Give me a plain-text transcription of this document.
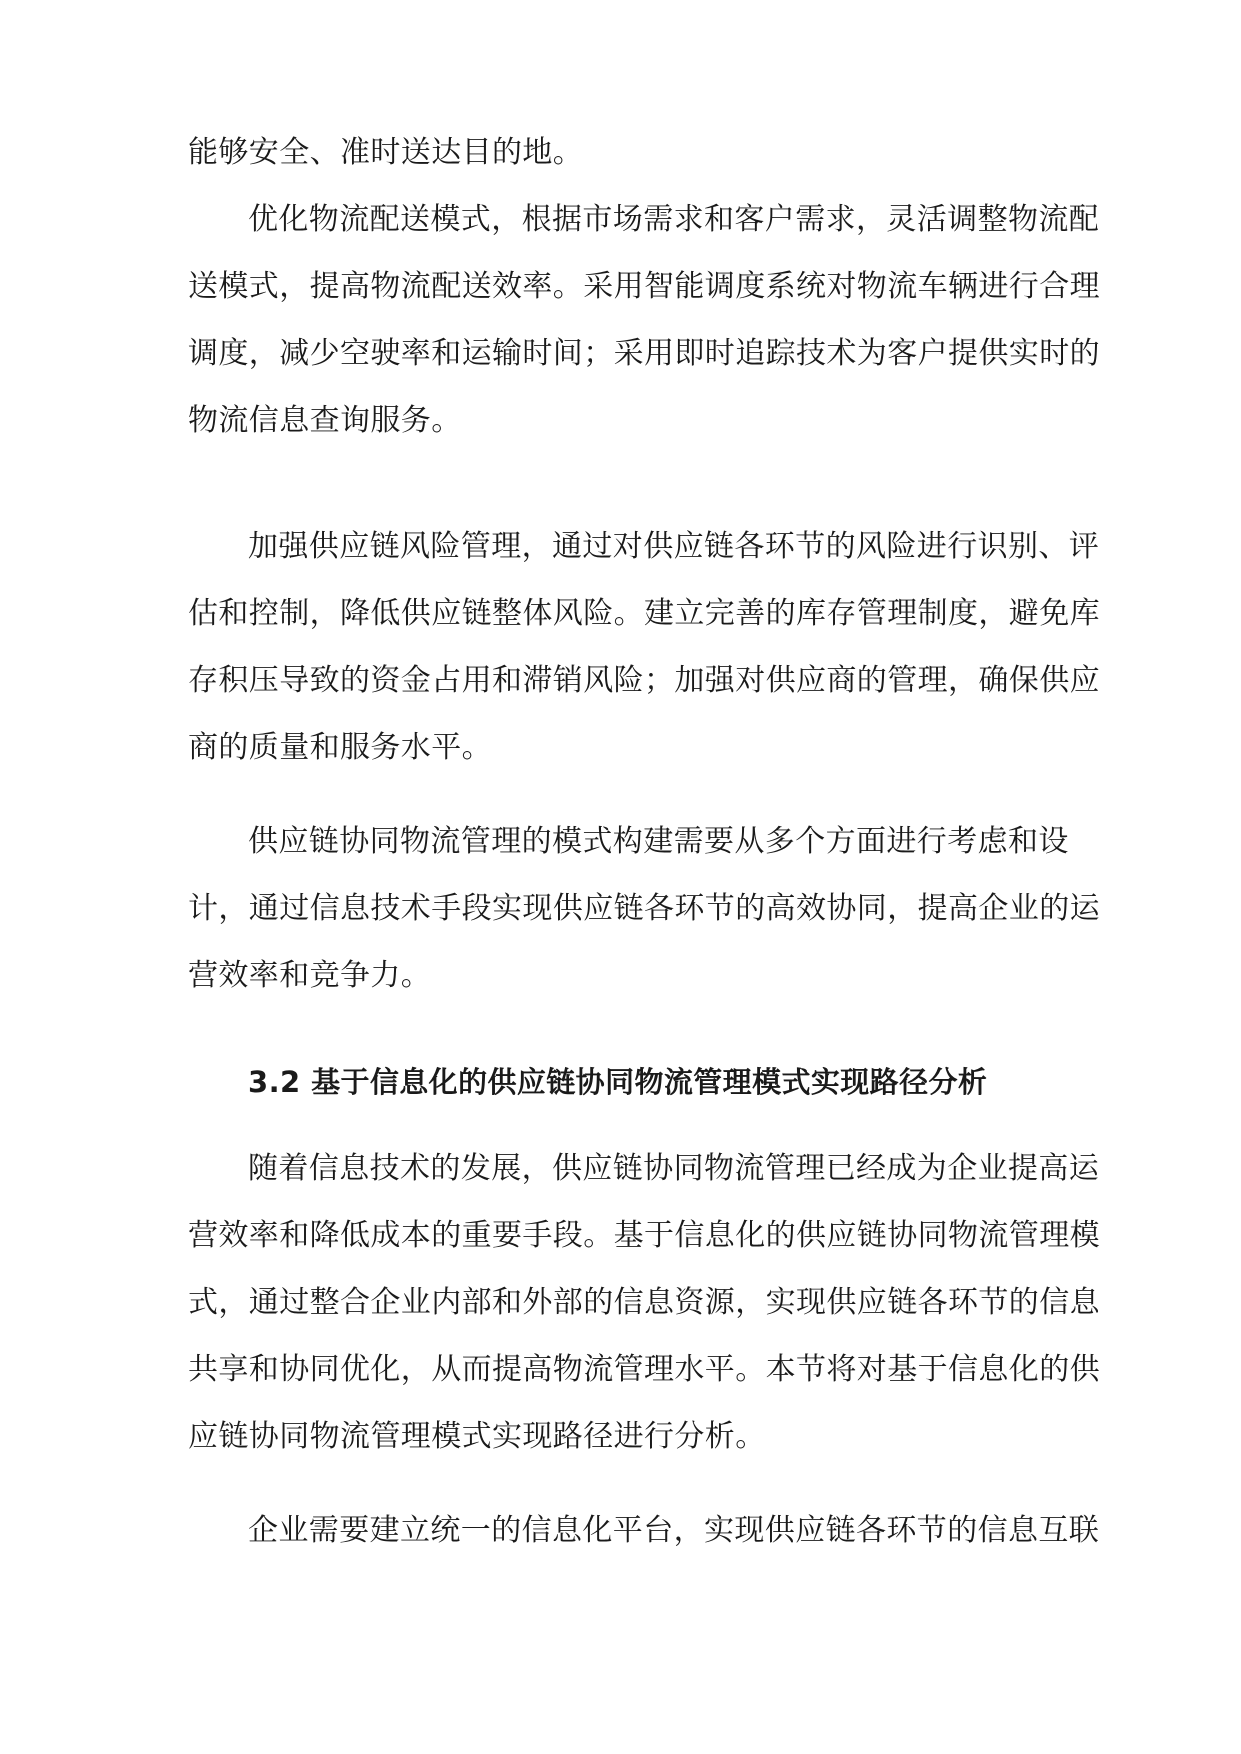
能够安全、准时送达目的地。
优化物流配送模式，根据市场需求和客户需求，灵活调整物流配
送模式，提高物流配送效率。采用智能调度系统对物流车辆进行合理
调度，减少空驶率和运输时间；采用即时追踪技术为客户提供实时的
物流信息查询服务。
加强供应链风险管理，通过对供应链各环节的风险进行识别、评
估和控制，降低供应链整体风险。建立完善的库存管理制度，避免库
存积压导致的资金占用和滞销风险；加强对供应商的管理，确保供应
商的质量和服务水平。
供应链协同物流管理的模式构建需要从多个方面进行考虑和设
计，通过信息技术手段实现供应链各环节的高效协同，提高企业的运
营效率和竞争力。
3.2 基于信息化的供应链协同物流管理模式实现路径分析
随着信息技术的发展，供应链协同物流管理已经成为企业提高运
营效率和降低成本的重要手段。基于信息化的供应链协同物流管理模
式，通过整合企业内部和外部的信息资源，实现供应链各环节的信息
共享和协同优化，从而提高物流管理水平。本节将对基于信息化的供
应链协同物流管理模式实现路径进行分析。
企业需要建立统一的信息化平台，实现供应链各环节的信息互联
